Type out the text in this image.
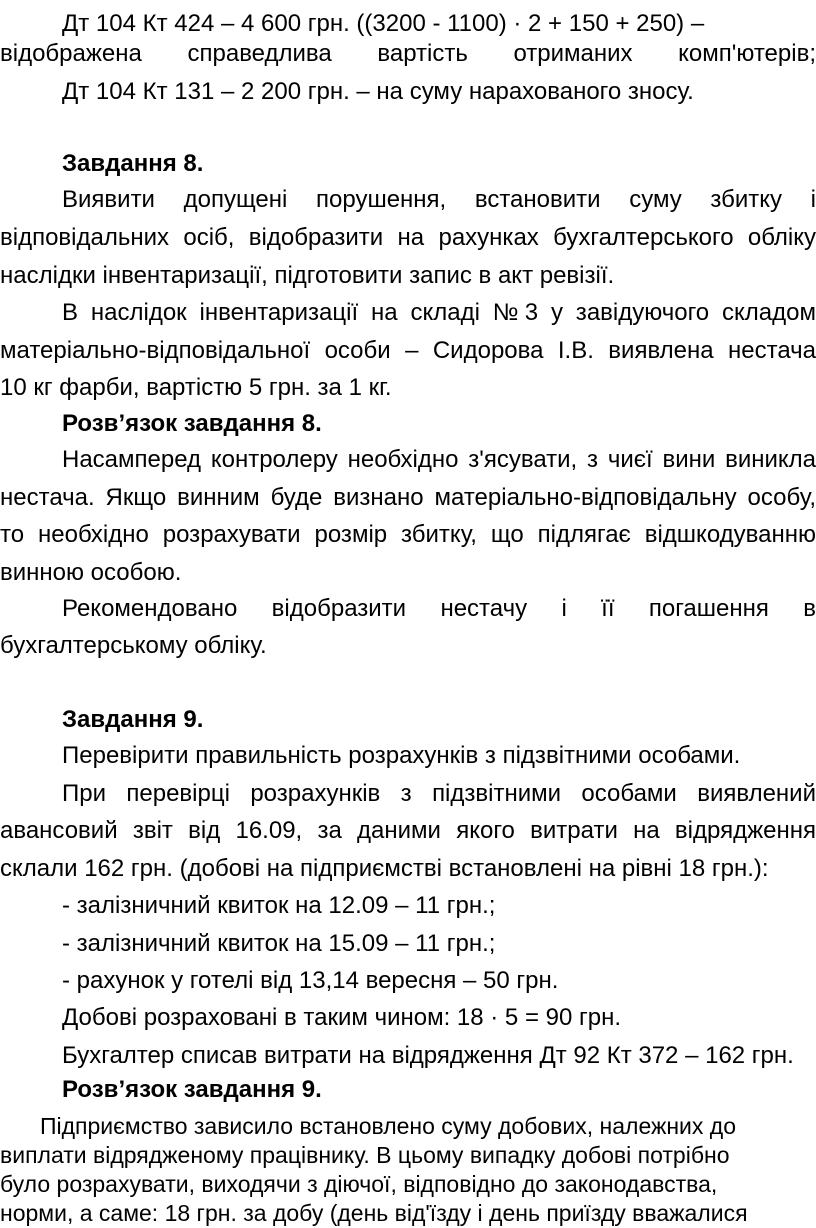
Дт 104 Кт 424 – 4 600 грн. ((3200 - 1100) · 2 + 150 + 250) –
відображена справедлива вартість отриманих комп'ютерів;
Дт 104 Кт 131 – 2 200 грн. – на суму нарахованого зносу.
Завдання 8.
Виявити допущені порушення, встановити суму збитку і
відповідальних осіб, відобразити на рахунках бухгалтерського обліку
наслідки інвентаризації, підготовити запис в акт ревізії.
В наслідок інвентаризації на складі №3 у завідуючого складом
матеріально-відповідальної особи – Сидорова І.В. виявлена нестача
10 кг фарби, вартістю 5 грн. за 1 кг.
Розв’язок завдання 8.
Насамперед контролеру необхідно з'ясувати, з чиєї вини виникла
нестача. Якщо винним буде визнано матеріально-відповідальну особу,
то необхідно розрахувати розмір збитку, що підлягає відшкодуванню
винною особою.
Рекомендовано відобразити нестачу і її погашення в
бухгалтерському обліку.
Завдання 9.
Перевірити правильність розрахунків з підзвітними особами.
При перевірці розрахунків з підзвітними особами виявлений
авансовий звіт від 16.09, за даними якого витрати на відрядження
склали 162 грн. (добові на підприємстві встановлені на рівні 18 грн.):
- залізничний квиток на 12.09 – 11 грн.;
- залізничний квиток на 15.09 – 11 грн.;
- рахунок у готелі від 13,14 вересня – 50 грн.
Добові розраховані в таким чином: 18 · 5 = 90 грн.
Бухгалтер списав витрати на відрядження Дт 92 Кт 372 – 162 грн.
Розв’язок завдання 9.
Підприємство зависило встановлено суму добових, належних до
виплати відрядженому працівнику. В цьому випадку добові потрібно
було розрахувати, виходячи з діючої, відповідно до законодавства,
норми, а саме: 18 грн. за добу (день від'їзду і день приїзду вважалися
